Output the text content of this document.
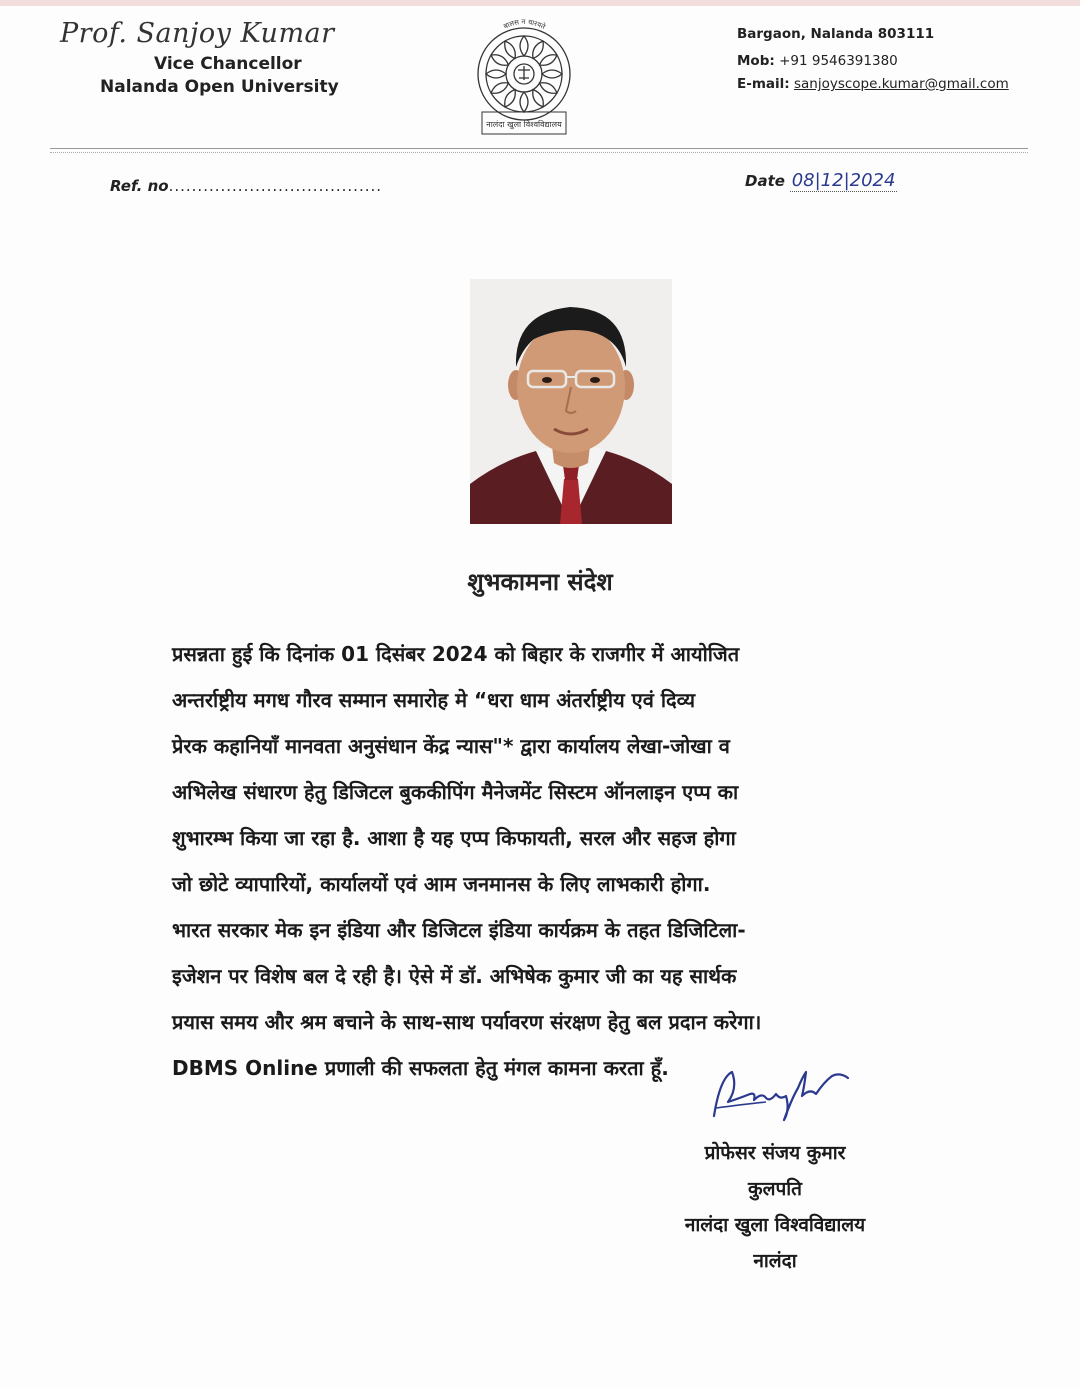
Prof. Sanjoy Kumar
Vice Chancellor
Nalanda Open University
बालस न धारयते
नालंदा खुला विश्वविद्यालय
Bargaon, Nalanda 803111
Mob: +91 9546391380
E-mail: sanjoyscope.kumar@gmail.com
Ref. no.....................................	Date 08|12|2024
शुभकामना संदेश
प्रसन्नता हुई कि दिनांक 01 दिसंबर 2024 को बिहार के राजगीर में आयोजित
अन्तर्राष्ट्रीय मगध गौरव सम्मान समारोह मे “धरा धाम अंतर्राष्ट्रीय एवं दिव्य
प्रेरक कहानियाँ मानवता अनुसंधान केंद्र न्यास"* द्वारा कार्यालय लेखा-जोखा व
अभिलेख संधारण हेतु डिजिटल बुककीपिंग मैनेजमेंट सिस्टम ऑनलाइन एप्प का
शुभारम्भ किया जा रहा है. आशा है यह एप्प किफायती, सरल और सहज होगा
जो छोटे व्यापारियों, कार्यालयों एवं आम जनमानस के लिए लाभकारी होगा.
भारत सरकार मेक इन इंडिया और डिजिटल इंडिया कार्यक्रम के तहत डिजिटिला-
इजेशन पर विशेष बल दे रही है। ऐसे में डॉ. अभिषेक कुमार जी का यह सार्थक
प्रयास समय और श्रम बचाने के साथ-साथ पर्यावरण संरक्षण हेतु बल प्रदान करेगा।
DBMS Online प्रणाली की सफलता हेतु मंगल कामना करता हूँ.
प्रोफेसर संजय कुमार
कुलपति
नालंदा खुला विश्वविद्यालय
नालंदा
